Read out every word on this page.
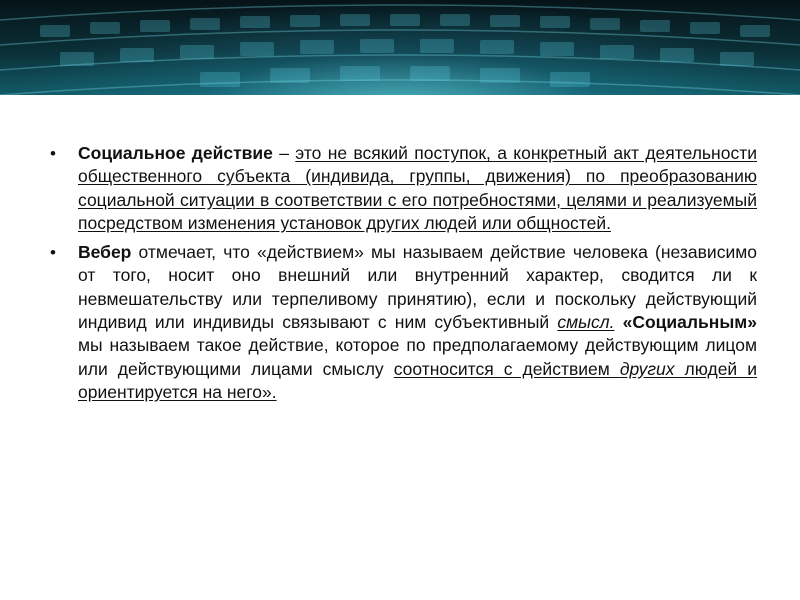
• Социальное действие – это не всякий поступок, а конкретный акт деятельности общественного субъекта (индивида, группы, движения) по преобразованию социальной ситуации в соответствии с его потребностями, целями и реализуемый посредством изменения установок других людей или общностей.
• Вебер отмечает, что «действием» мы называем действие человека (независимо от того, носит оно внешний или внутренний характер, сводится ли к невмешательству или терпеливому принятию), если и поскольку действующий индивид или индивиды связывают с ним субъективный смысл. «Социальным» мы называем такое действие, которое по предполагаемому действующим лицом или действующими лицами смыслу соотносится с действием других людей и ориентируется на него».
